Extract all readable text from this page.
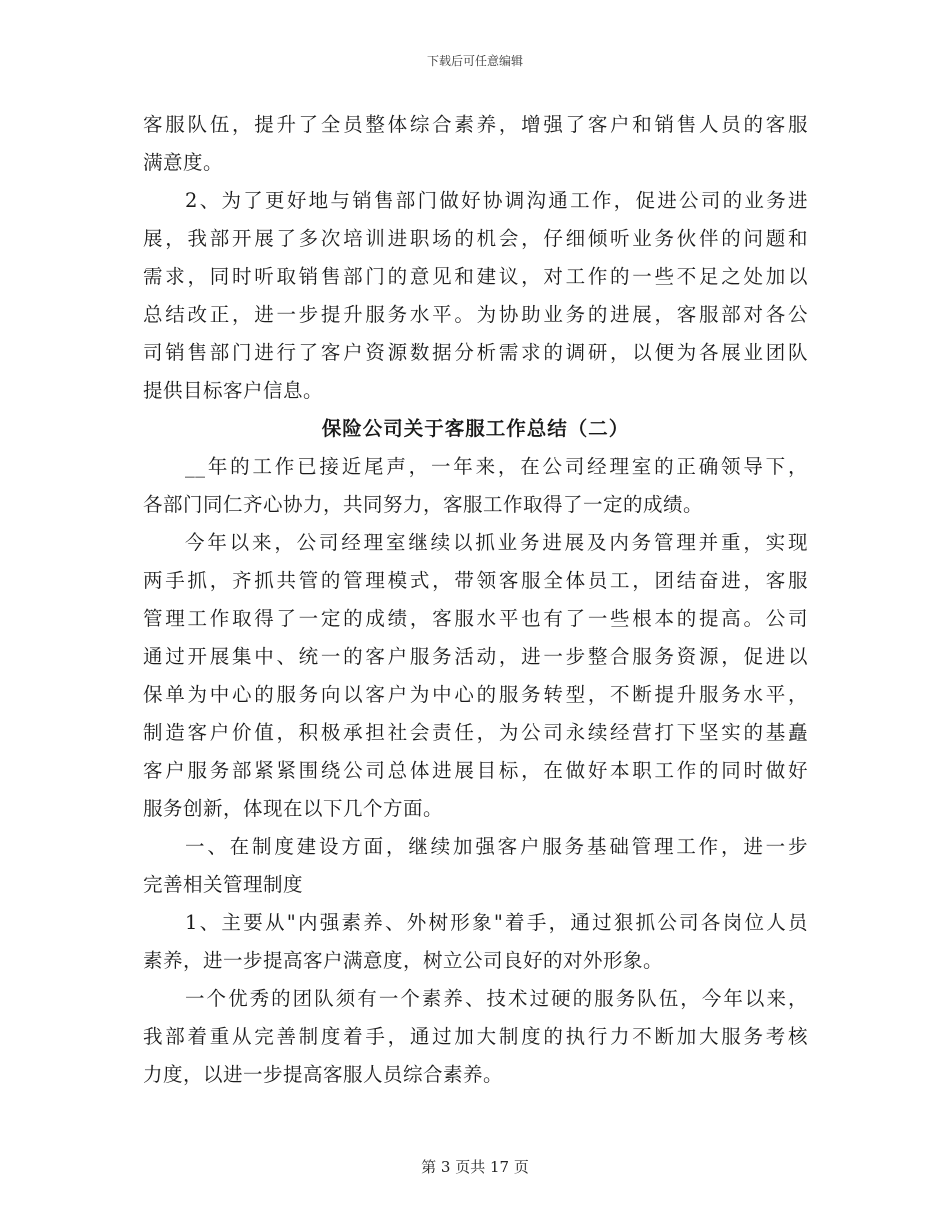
下载后可任意编辑
客服队伍，提升了全员整体综合素养，增强了客户和销售人员的客服
满意度。
2、为了更好地与销售部门做好协调沟通工作，促进公司的业务进
展，我部开展了多次培训进职场的机会，仔细倾听业务伙伴的问题和
需求，同时听取销售部门的意见和建议，对工作的一些不足之处加以
总结改正，进一步提升服务水平。为协助业务的进展，客服部对各公
司销售部门进行了客户资源数据分析需求的调研，以便为各展业团队
提供目标客户信息。
保险公司关于客服工作总结（二）
__年的工作已接近尾声，一年来，在公司经理室的正确领导下，
各部门同仁齐心协力，共同努力，客服工作取得了一定的成绩。
今年以来，公司经理室继续以抓业务进展及内务管理并重，实现
两手抓，齐抓共管的管理模式，带领客服全体员工，团结奋进，客服
管理工作取得了一定的成绩，客服水平也有了一些根本的提高。公司
通过开展集中、统一的客户服务活动，进一步整合服务资源，促进以
保单为中心的服务向以客户为中心的服务转型，不断提升服务水平，
制造客户价值，积极承担社会责任，为公司永续经营打下坚实的基矗
客户服务部紧紧围绕公司总体进展目标，在做好本职工作的同时做好
服务创新，体现在以下几个方面。
一、在制度建设方面，继续加强客户服务基础管理工作，进一步
完善相关管理制度
1、主要从"内强素养、外树形象"着手，通过狠抓公司各岗位人员
素养，进一步提高客户满意度，树立公司良好的对外形象。
一个优秀的团队须有一个素养、技术过硬的服务队伍，今年以来，
我部着重从完善制度着手，通过加大制度的执行力不断加大服务考核
力度，以进一步提高客服人员综合素养。
第 3 页共 17 页
